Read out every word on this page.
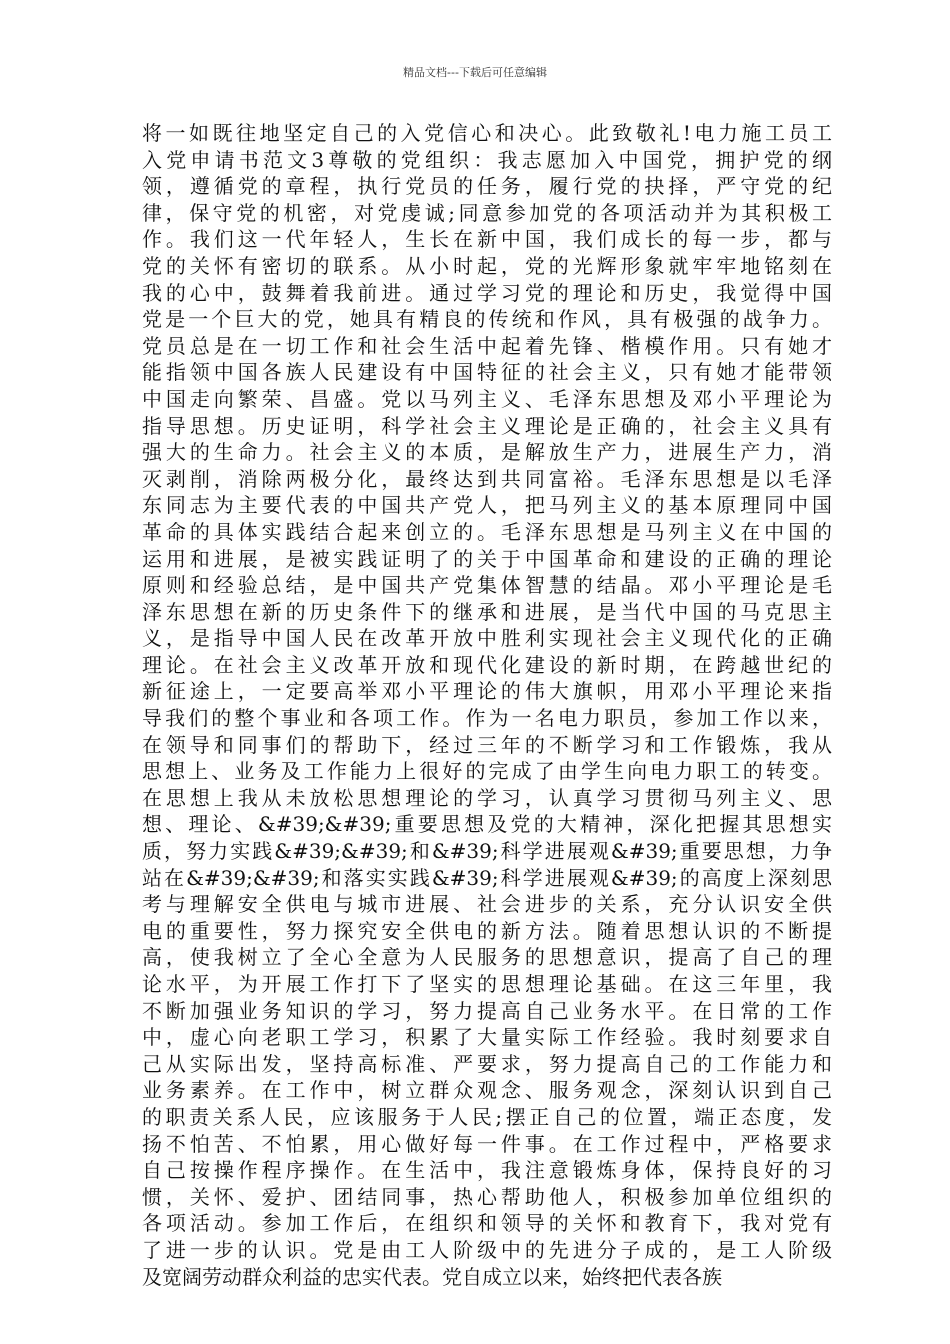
精品文档---下载后可任意编辑
将一如既往地坚定自己的入党信心和决心。此致敬礼!电力施工员工
入党申请书范文3尊敬的党组织：我志愿加入中国党，拥护党的纲
领，遵循党的章程，执行党员的任务，履行党的抉择，严守党的纪
律，保守党的机密，对党虔诚;同意参加党的各项活动并为其积极工
作。我们这一代年轻人，生长在新中国，我们成长的每一步，都与
党的关怀有密切的联系。从小时起，党的光辉形象就牢牢地铭刻在
我的心中，鼓舞着我前进。通过学习党的理论和历史，我觉得中国
党是一个巨大的党，她具有精良的传统和作风，具有极强的战争力。
党员总是在一切工作和社会生活中起着先锋、楷模作用。只有她才
能指领中国各族人民建设有中国特征的社会主义，只有她才能带领
中国走向繁荣、昌盛。党以马列主义、毛泽东思想及邓小平理论为
指导思想。历史证明，科学社会主义理论是正确的，社会主义具有
强大的生命力。社会主义的本质，是解放生产力，进展生产力，消
灭剥削，消除两极分化，最终达到共同富裕。毛泽东思想是以毛泽
东同志为主要代表的中国共产党人，把马列主义的基本原理同中国
革命的具体实践结合起来创立的。毛泽东思想是马列主义在中国的
运用和进展，是被实践证明了的关于中国革命和建设的正确的理论
原则和经验总结，是中国共产党集体智慧的结晶。邓小平理论是毛
泽东思想在新的历史条件下的继承和进展，是当代中国的马克思主
义，是指导中国人民在改革开放中胜利实现社会主义现代化的正确
理论。在社会主义改革开放和现代化建设的新时期，在跨越世纪的
新征途上，一定要高举邓小平理论的伟大旗帜，用邓小平理论来指
导我们的整个事业和各项工作。作为一名电力职员，参加工作以来，
在领导和同事们的帮助下，经过三年的不断学习和工作锻炼，我从
思想上、业务及工作能力上很好的完成了由学生向电力职工的转变。
在思想上我从未放松思想理论的学习，认真学习贯彻马列主义、思
想、理论、&#39;&#39;重要思想及党的大精神，深化把握其思想实
质，努力实践&#39;&#39;和&#39;科学进展观&#39;重要思想，力争
站在&#39;&#39;和落实实践&#39;科学进展观&#39;的高度上深刻思
考与理解安全供电与城市进展、社会进步的关系，充分认识安全供
电的重要性，努力探究安全供电的新方法。随着思想认识的不断提
高，使我树立了全心全意为人民服务的思想意识，提高了自己的理
论水平，为开展工作打下了坚实的思想理论基础。在这三年里，我
不断加强业务知识的学习，努力提高自己业务水平。在日常的工作
中，虚心向老职工学习，积累了大量实际工作经验。我时刻要求自
己从实际出发，坚持高标准、严要求，努力提高自己的工作能力和
业务素养。在工作中，树立群众观念、服务观念，深刻认识到自己
的职责关系人民，应该服务于人民;摆正自己的位置，端正态度，发
扬不怕苦、不怕累，用心做好每一件事。在工作过程中，严格要求
自己按操作程序操作。在生活中，我注意锻炼身体，保持良好的习
惯，关怀、爱护、团结同事，热心帮助他人，积极参加单位组织的
各项活动。参加工作后，在组织和领导的关怀和教育下，我对党有
了进一步的认识。党是由工人阶级中的先进分子成的，是工人阶级
及宽阔劳动群众利益的忠实代表。党自成立以来，始终把代表各族
